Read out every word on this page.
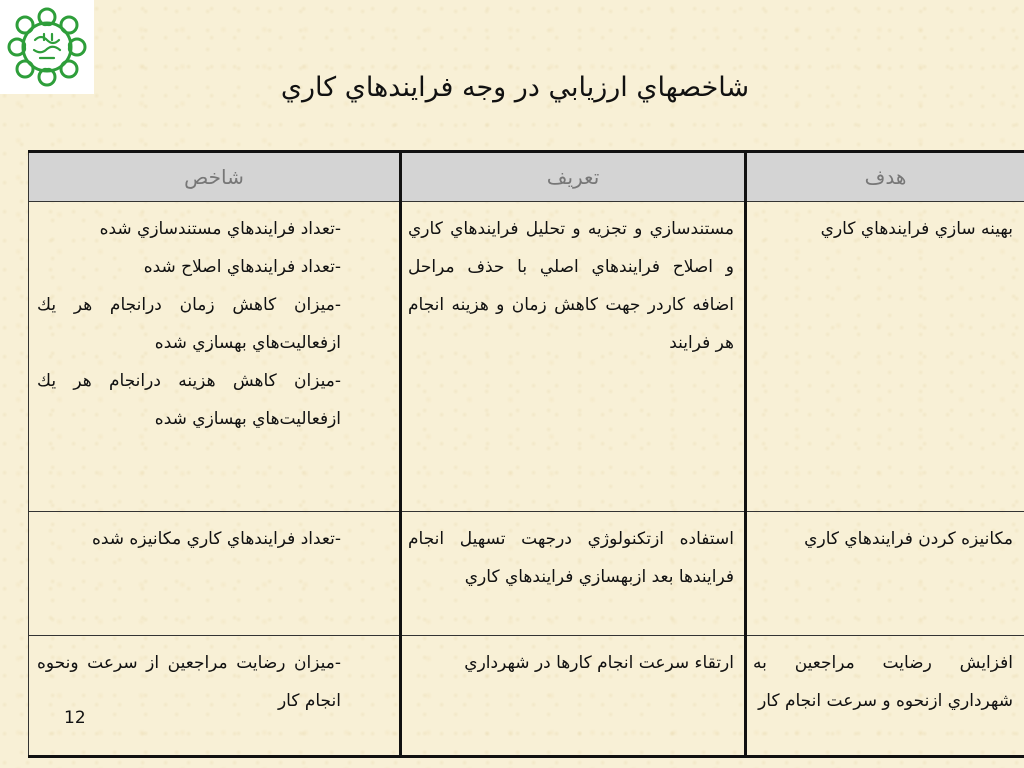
شاخصهاي ارزيابي در وجه فرايندهاي كاري
هدف	تعريف	شاخص

بهينه سازي فرايندهاي كاري	مستندسازي و تجزيه و تحليل فرايندهاي كاري و اصلاح فرايندهاي اصلي با حذف مراحل اضافه كاردر جهت كاهش زمان و هزينه انجام هر فرايند	-تعداد فرايندهاي مستندسازي شده
-تعداد فرايندهاي اصلاح شده
-ميزان كاهش زمان درانجام هر يك ازفعاليت‌هاي بهسازي شده
-ميزان كاهش هزينه درانجام هر يك ازفعاليت‌هاي بهسازي شده

مكانيزه كردن فرايندهاي كاري	استفاده ازتكنولوژي درجهت تسهيل انجام فرايندها بعد ازبهسازي فرايندهاي كاري	-تعداد فرايندهاي كاري مكانيزه شده

افزايش رضايت مراجعين به شهرداري ازنحوه و سرعت انجام كار	ارتقاء سرعت انجام كارها در شهرداري	-ميزان رضايت مراجعين از سرعت ونحوه انجام كار
12
